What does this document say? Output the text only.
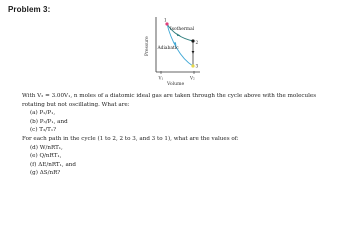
Problem 3:
Pressure
Volume
V₁	V₂
1
2
3
Isothermal
Adiabatic
With V₂ = 3.00V₁, n moles of a diatomic ideal gas are taken through the cycle above with the molecules
rotating but not oscillating. What are:
(a) P₂/P₁,
(b) P₃/P₁, and
(c) T₃/T₁?
For each path in the cycle (1 to 2, 2 to 3, and 3 to 1), what are the values of:
(d) W/nRT₁,
(e) Q/nRT₁,
(f) ΔE/nRT₁, and
(g) ΔS/nR?
